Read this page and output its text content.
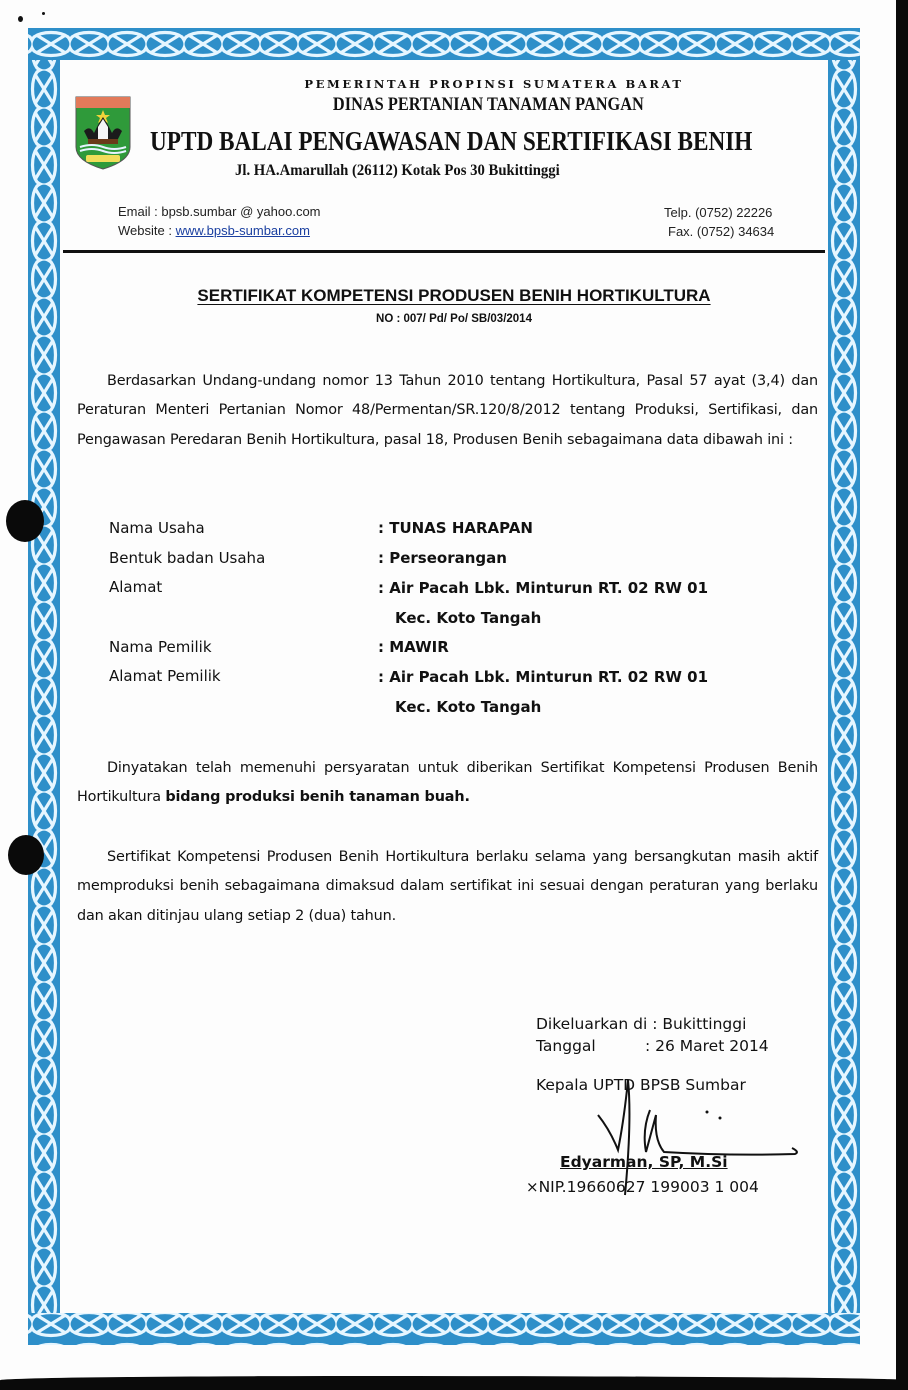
PEMERINTAH PROPINSI SUMATERA BARAT
DINAS PERTANIAN TANAMAN PANGAN
UPTD BALAI PENGAWASAN DAN SERTIFIKASI BENIH
Jl. HA.Amarullah (26112) Kotak Pos 30 Bukittinggi
Email : bpsb.sumbar @ yahoo.com
Website : www.bpsb-sumbar.com
Telp. (0752) 22226
Fax. (0752) 34634
SERTIFIKAT KOMPETENSI PRODUSEN BENIH HORTIKULTURA
NO : 007/ Pd/ Po/ SB/03/2014
Berdasarkan Undang-undang nomor 13 Tahun 2010 tentang Hortikultura, Pasal 57 ayat (3,4) dan Peraturan Menteri Pertanian Nomor 48/Permentan/SR.120/8/2012 tentang Produksi, Sertifikasi, dan Pengawasan Peredaran Benih Hortikultura, pasal 18, Produsen Benih sebagaimana data dibawah ini :
Nama Usaha	: TUNAS HARAPAN
Bentuk badan Usaha	: Perseorangan
Alamat	: Air Pacah Lbk. Minturun RT. 02 RW 01
Kec. Koto Tangah
Nama Pemilik	: MAWIR
Alamat Pemilik	: Air Pacah Lbk. Minturun RT. 02 RW 01
Kec. Koto Tangah
Dinyatakan telah memenuhi persyaratan untuk diberikan Sertifikat Kompetensi Produsen Benih Hortikultura bidang produksi benih tanaman buah.
Sertifikat Kompetensi Produsen Benih Hortikultura berlaku selama yang bersangkutan masih aktif memproduksi benih sebagaimana dimaksud dalam sertifikat ini sesuai dengan peraturan yang berlaku dan akan ditinjau ulang setiap 2 (dua) tahun.
Dikeluarkan di : Bukittinggi
Tanggal          : 26 Maret 2014
Kepala UPTD BPSB Sumbar
Edyarman, SP, M.Si
⨯NIP.19660627 199003 1 004
